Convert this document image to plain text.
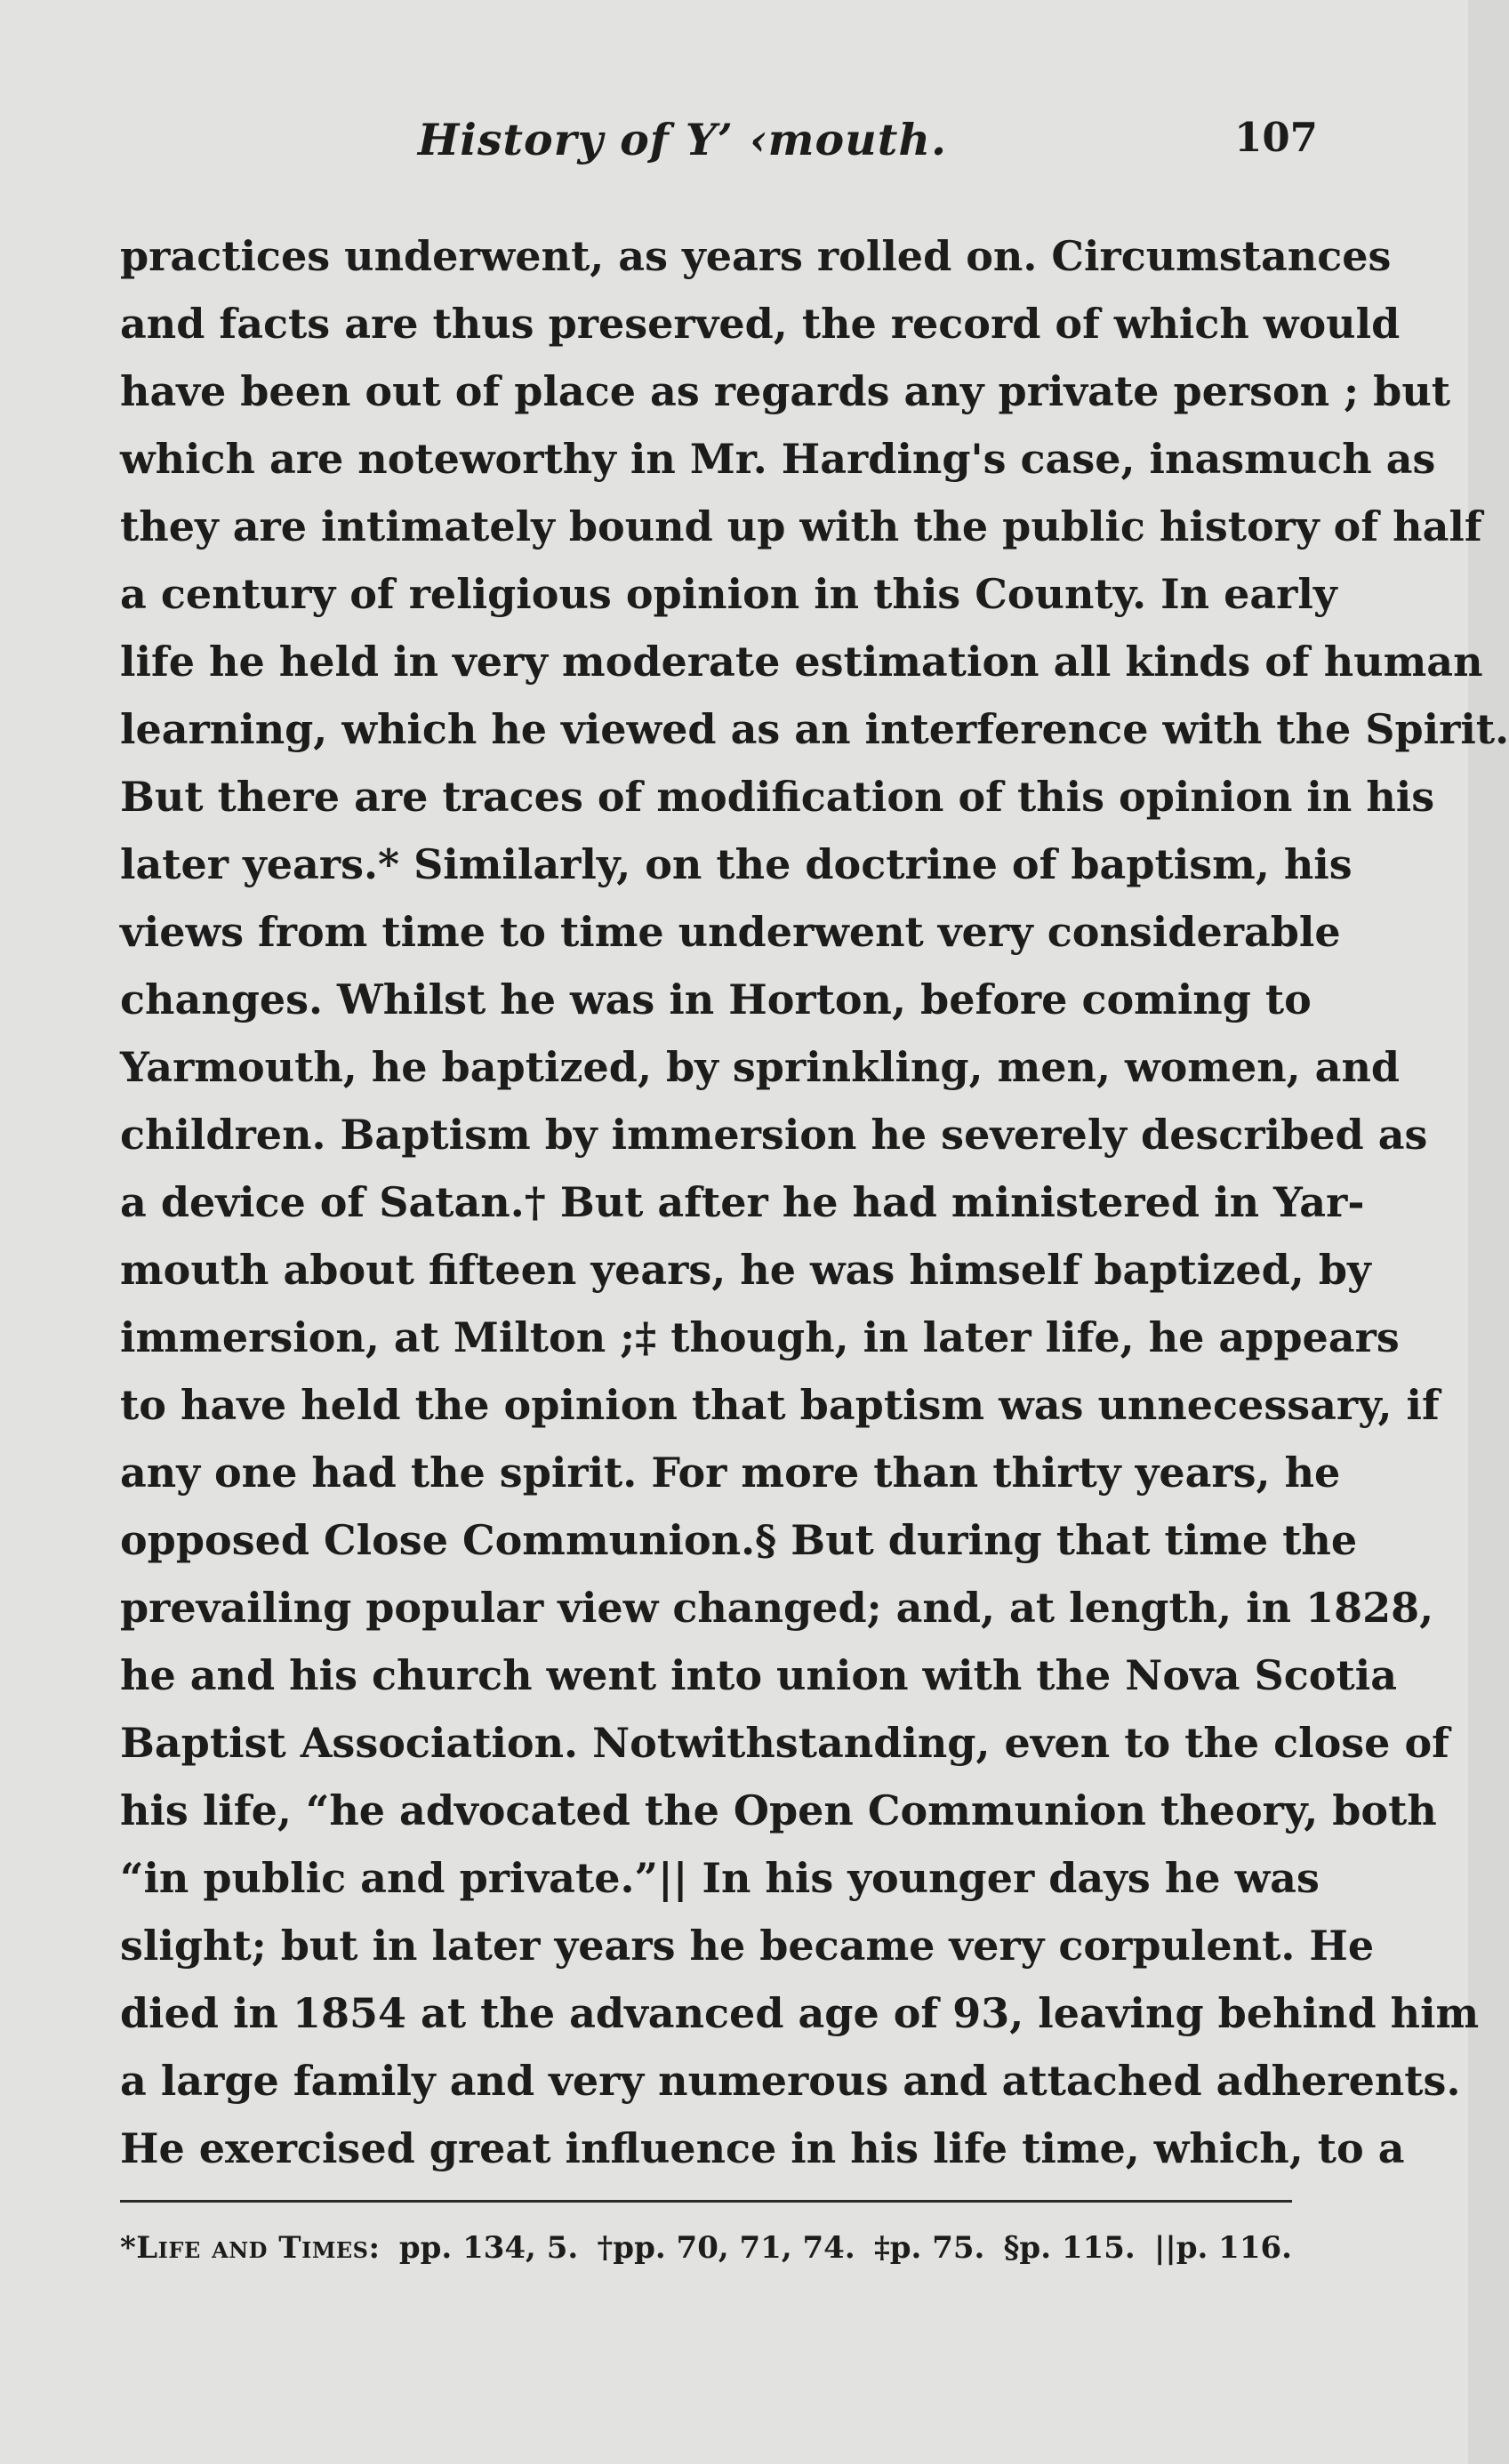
History of Y’ ‹mouth.	107
practices underwent, as years rolled on. Circumstances
and facts are thus preserved, the record of which would
have been out of place as regards any private person ; but
which are noteworthy in Mr. Harding's case, inasmuch as
they are intimately bound up with the public history of half
a century of religious opinion in this County. In early
life he held in very moderate estimation all kinds of human
learning, which he viewed as an interference with the Spirit.
But there are traces of modification of this opinion in his
later years.* Similarly, on the doctrine of baptism, his
views from time to time underwent very considerable
changes. Whilst he was in Horton, before coming to
Yarmouth, he baptized, by sprinkling, men, women, and
children. Baptism by immersion he severely described as
a device of Satan.† But after he had ministered in Yar-
mouth about fifteen years, he was himself baptized, by
immersion, at Milton ;‡ though, in later life, he appears
to have held the opinion that baptism was unnecessary, if
any one had the spirit. For more than thirty years, he
opposed Close Communion.§ But during that time the
prevailing popular view changed; and, at length, in 1828,
he and his church went into union with the Nova Scotia
Baptist Association. Notwithstanding, even to the close of
his life, “he advocated the Open Communion theory, both
“in public and private.”|| In his younger days he was
slight; but in later years he became very corpulent. He
died in 1854 at the advanced age of 93, leaving behind him
a large family and very numerous and attached adherents.
He exercised great influence in his life time, which, to a
*Life and Times: pp. 134, 5. †pp. 70, 71, 74. ‡p. 75. §p. 115. ||p. 116.
